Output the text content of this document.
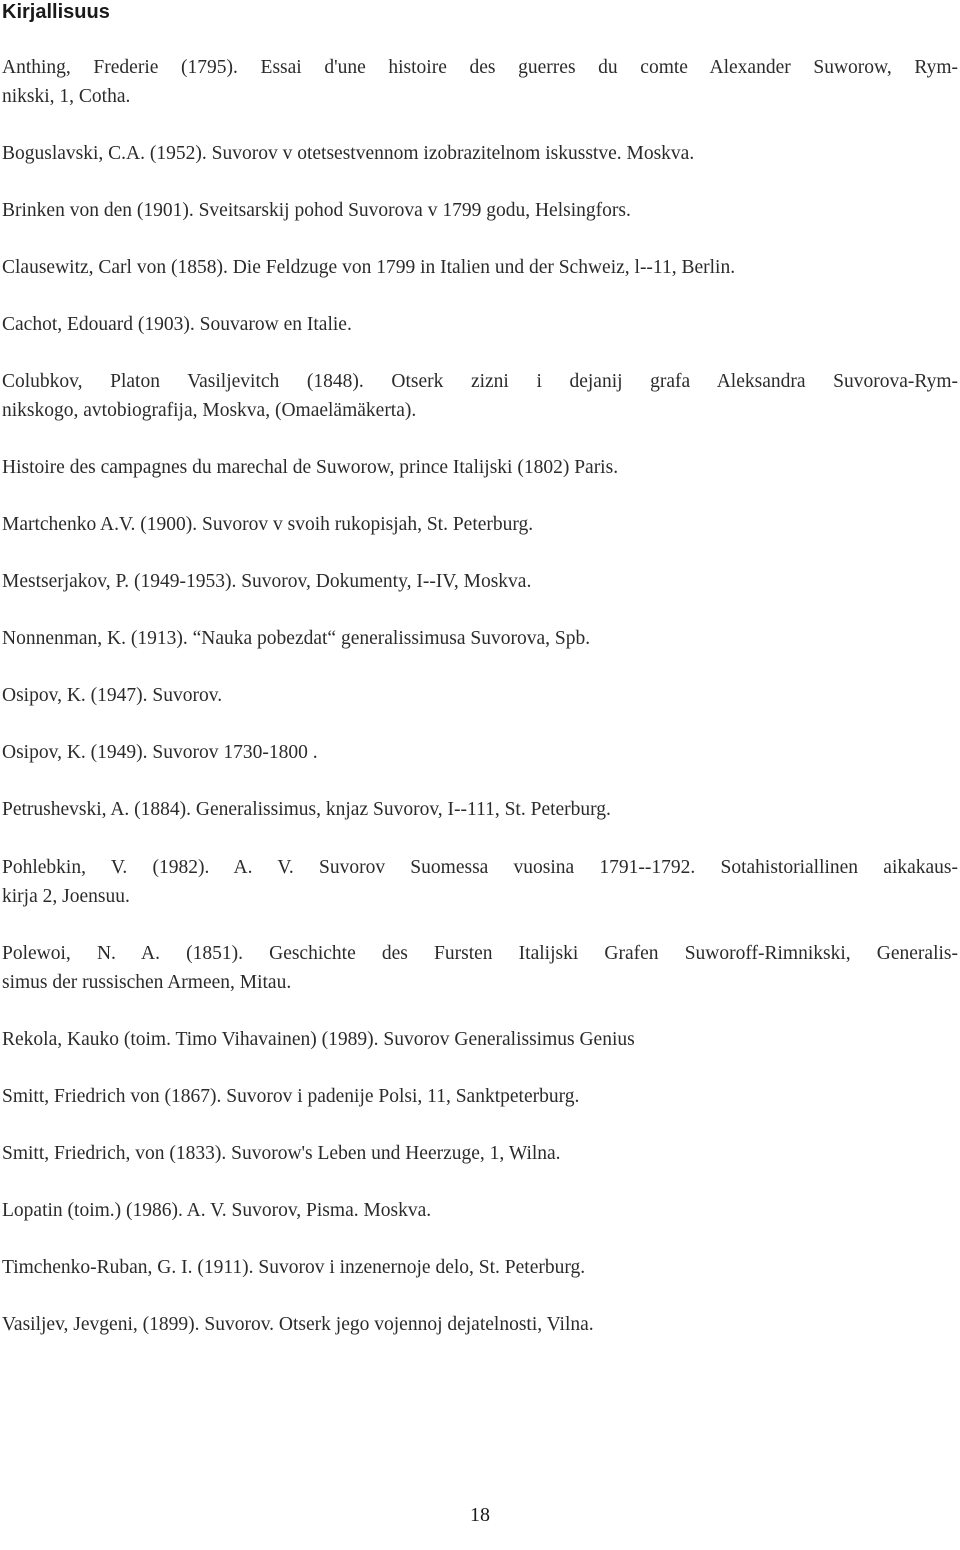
Kirjallisuus

Anthing, Frederie (1795). Essai d'une histoire des guerres du comte Alexander Suworow, Rym-
nikski, 1, Cotha.

Boguslavski, C.A. (1952). Suvorov v otetsestvennom izobrazitelnom iskusstve. Moskva.

Brinken von den (1901). Sveitsarskij pohod Suvorova v 1799 godu, Helsingfors.

Clausewitz, Carl von (1858). Die Feldzuge von 1799 in Italien und der Schweiz, l--11, Berlin.

Cachot, Edouard (1903). Souvarow en Italie.

Colubkov, Platon Vasiljevitch (1848). Otserk zizni i dejanij grafa Aleksandra Suvorova-Rym-
nikskogo, avtobiografija, Moskva, (Omaelämäkerta).

Histoire des campagnes du marechal de Suworow, prince Italijski (1802) Paris.

Martchenko A.V. (1900). Suvorov v svoih rukopisjah, St. Peterburg.

Mestserjakov, P. (1949-1953). Suvorov, Dokumenty, I--IV, Moskva.

Nonnenman, K. (1913). “Nauka pobezdat“ generalissimusa Suvorova, Spb.

Osipov, K. (1947). Suvorov.

Osipov, K. (1949). Suvorov 1730-1800 .

Petrushevski, A. (1884). Generalissimus, knjaz Suvorov, I--111, St. Peterburg.

Pohlebkin, V. (1982). A. V. Suvorov Suomessa vuosina 1791--1792. Sotahistoriallinen aikakaus-
kirja 2, Joensuu.

Polewoi, N. A. (1851). Geschichte des Fursten Italijski Grafen Suworoff-Rimnikski, Generalis-
simus der russischen Armeen, Mitau.

Rekola, Kauko (toim. Timo Vihavainen) (1989). Suvorov Generalissimus Genius

Smitt, Friedrich von (1867). Suvorov i padenije Polsi, 11, Sanktpeterburg.

Smitt, Friedrich, von (1833). Suvorow's Leben und Heerzuge, 1, Wilna.

Lopatin (toim.) (1986). A. V. Suvorov, Pisma. Moskva.

Timchenko-Ruban, G. I. (1911). Suvorov i inzenernoje delo, St. Peterburg.

Vasiljev, Jevgeni, (1899). Suvorov. Otserk jego vojennoj dejatelnosti, Vilna.

18
